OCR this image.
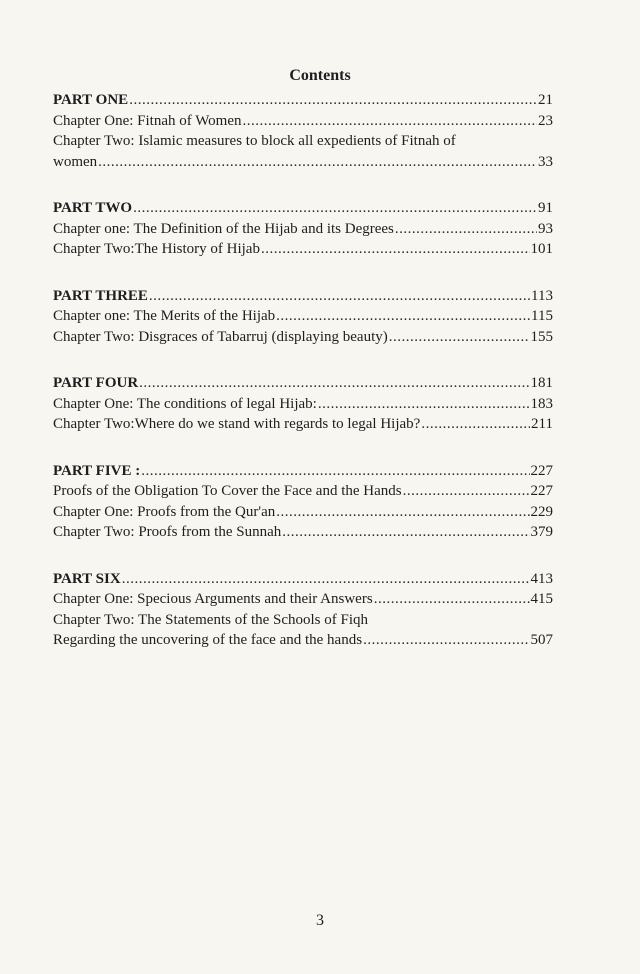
Contents
PART ONE .....	21
Chapter One: Fitnah of Women .....	23
Chapter Two: Islamic measures to block all expedients of Fitnah of
women .....	33
PART TWO .....	91
Chapter one: The Definition of the Hijab and its Degrees .....	93
Chapter Two:The History of Hijab .....	101
PART THREE .....	113
Chapter one: The Merits of the Hijab .....	115
Chapter Two: Disgraces of Tabarruj (displaying beauty) .....	155
PART FOUR .....	181
Chapter One: The conditions of legal Hijab: .....	183
Chapter Two:Where do we stand with regards to legal Hijab? .....	211
PART FIVE : .....	227
Proofs of the Obligation To Cover the Face and the Hands .....	227
Chapter One: Proofs from the Qur'an .....	229
Chapter Two: Proofs from the Sunnah .....	379
PART SIX .....	413
Chapter One: Specious Arguments and their Answers .....	415
Chapter Two: The Statements of the Schools of Fiqh
Regarding the uncovering of the face and the hands .....	507
3
